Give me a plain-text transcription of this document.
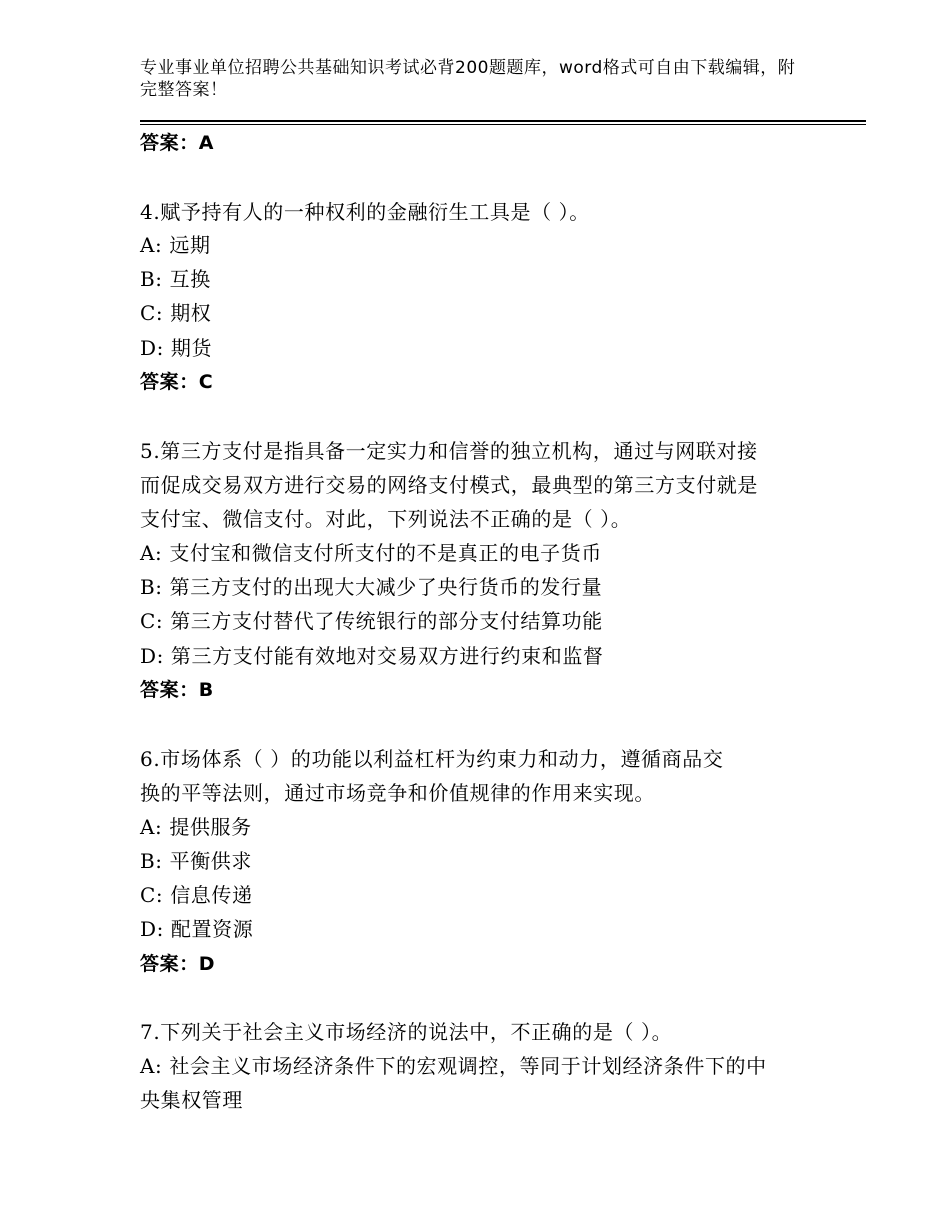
专业事业单位招聘公共基础知识考试必背200题题库，word格式可自由下载编辑，附完整答案！
答案：A
4.赋予持有人的一种权利的金融衍生工具是（ ）。
A: 远期
B: 互换
C: 期权
D: 期货
答案：C
5.第三方支付是指具备一定实力和信誉的独立机构，通过与网联对接
而促成交易双方进行交易的网络支付模式，最典型的第三方支付就是
支付宝、微信支付。对此，下列说法不正确的是（ ）。
A: 支付宝和微信支付所支付的不是真正的电子货币
B: 第三方支付的出现大大减少了央行货币的发行量
C: 第三方支付替代了传统银行的部分支付结算功能
D: 第三方支付能有效地对交易双方进行约束和监督
答案：B
6.市场体系（ ）的功能以利益杠杆为约束力和动力，遵循商品交
换的平等法则，通过市场竞争和价值规律的作用来实现。
A: 提供服务
B: 平衡供求
C: 信息传递
D: 配置资源
答案：D
7.下列关于社会主义市场经济的说法中，不正确的是（ ）。
A: 社会主义市场经济条件下的宏观调控，等同于计划经济条件下的中
央集权管理
